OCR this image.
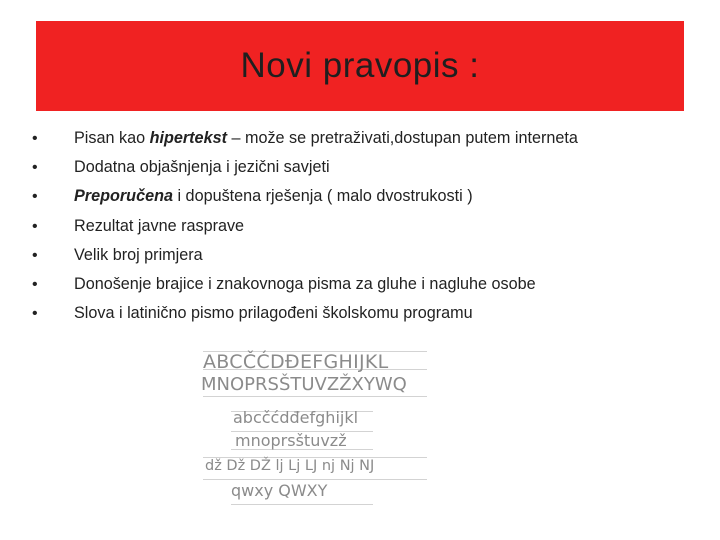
Novi pravopis :
•	Pisan kao hipertekst – može se pretraživati,dostupan putem interneta
•	Dodatna objašnjenja i jezični savjeti
•	Preporučena i dopuštena rješenja ( malo dvostrukosti )
•	Rezultat javne rasprave
•	Velik broj primjera
•	Donošenje brajice i znakovnoga pisma za gluhe i nagluhe osobe
•	Slova i latinično pismo prilagođeni školskomu programu
ABCČĆDĐEFGHIJKL
MNOPRSŠTUVZŽXYWQ
abcčćdđefghijkl
mnoprsštuvzž
dž Dž DŽ lj Lj LJ nj Nj NJ
qwxy QWXY
